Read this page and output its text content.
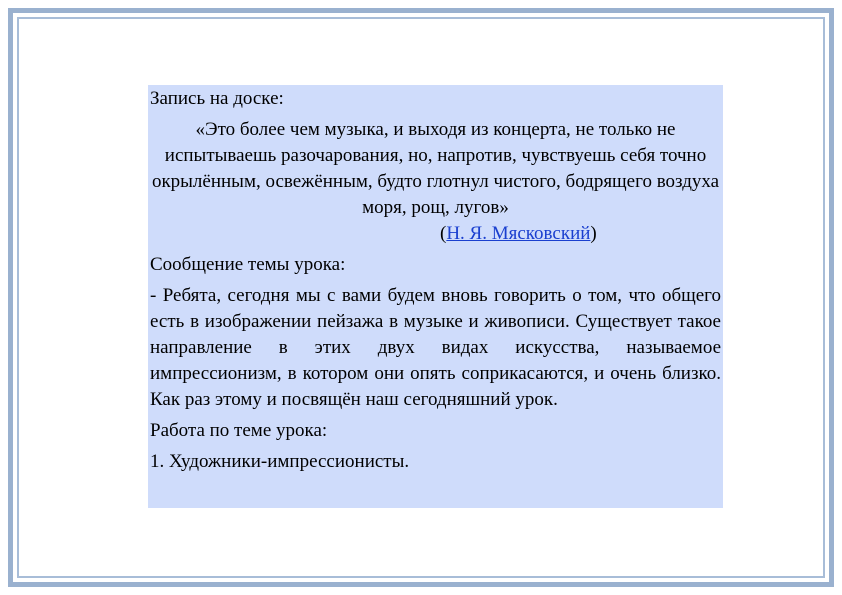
Запись на доске:

«Это более чем музыка, и выходя из концерта, не только не испытываешь разочарования, но, напротив, чувствуешь себя точно окрылённым, освежённым, будто глотнул чистого, бодрящего воздуха моря, рощ, лугов»

(Н. Я. Мясковский)

Сообщение темы урока:

- Ребята, сегодня мы с вами будем вновь говорить о том, что общего есть в изображении пейзажа в музыке и живописи. Существует такое направление в этих двух видах искусства, называемое импрессионизм, в котором они опять соприкасаются, и очень близко. Как раз этому и посвящён наш сегодняшний урок.

Работа по теме урока:

1. Художники-импрессионисты.
